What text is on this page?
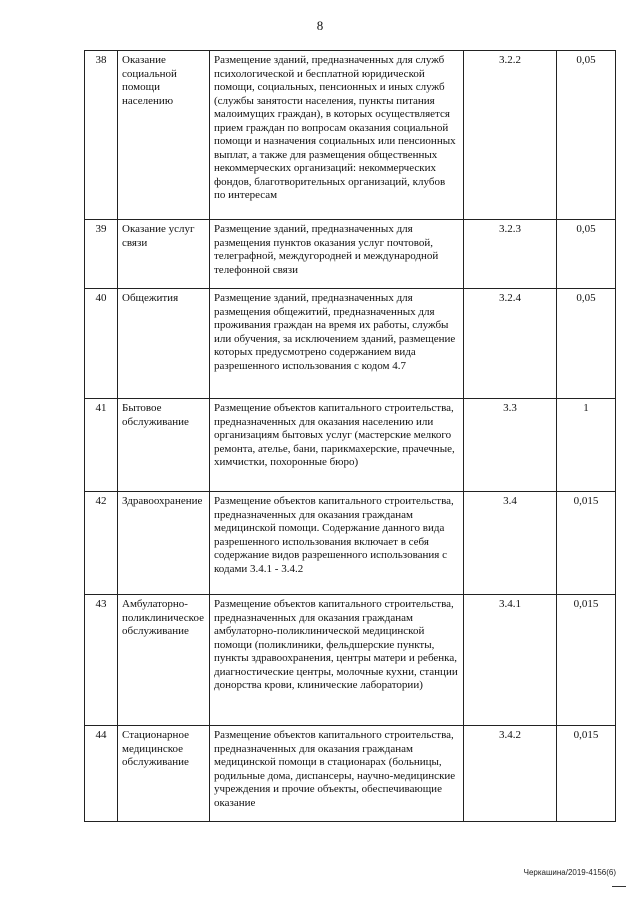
8
38	Оказание социальной помощи населению	Размещение зданий, предназначенных для служб психологической и бесплатной юридической помощи, социальных, пенсионных и иных служб (службы занятости населения, пункты питания малоимущих граждан), в которых осуществляется прием граждан по вопросам оказания социальной помощи и назначения социальных или пенсионных выплат, а также для размещения общественных некоммерческих организаций: некоммерческих фондов, благотворительных организаций, клубов по интересам	3.2.2	0,05
39	Оказание услуг связи	Размещение зданий, предназначенных для размещения пунктов оказания услуг почтовой, телеграфной, междугородней и международной телефонной связи	3.2.3	0,05
40	Общежития	Размещение зданий, предназначенных для размещения общежитий, предназначенных для проживания граждан на время их работы, службы или обучения, за исключением зданий, размещение которых предусмотрено содержанием вида разрешенного использования с кодом 4.7	3.2.4	0,05
41	Бытовое обслуживание	Размещение объектов капитального строительства, предназначенных для оказания населению или организациям бытовых услуг (мастерские мелкого ремонта, ателье, бани, парикмахерские, прачечные, химчистки, похоронные бюро)	3.3	1
42	Здравоохранение	Размещение объектов капитального строительства, предназначенных для оказания гражданам медицинской помощи. Содержание данного вида разрешенного использования включает в себя содержание видов разрешенного использования с кодами 3.4.1 - 3.4.2	3.4	0,015
43	Амбулаторно-поликлиническое обслуживание	Размещение объектов капитального строительства, предназначенных для оказания гражданам амбулаторно-поликлинической медицинской помощи (поликлиники, фельдшерские пункты, пункты здравоохранения, центры матери и ребенка, диагностические центры, молочные кухни, станции донорства крови, клинические лаборатории)	3.4.1	0,015
44	Стационарное медицинское обслуживание	Размещение объектов капитального строительства, предназначенных для оказания гражданам медицинской помощи в стационарах (больницы, родильные дома, диспансеры, научно-медицинские учреждения и прочие объекты, обеспечивающие оказание	3.4.2	0,015
Черкашина/2019-4156(6)
